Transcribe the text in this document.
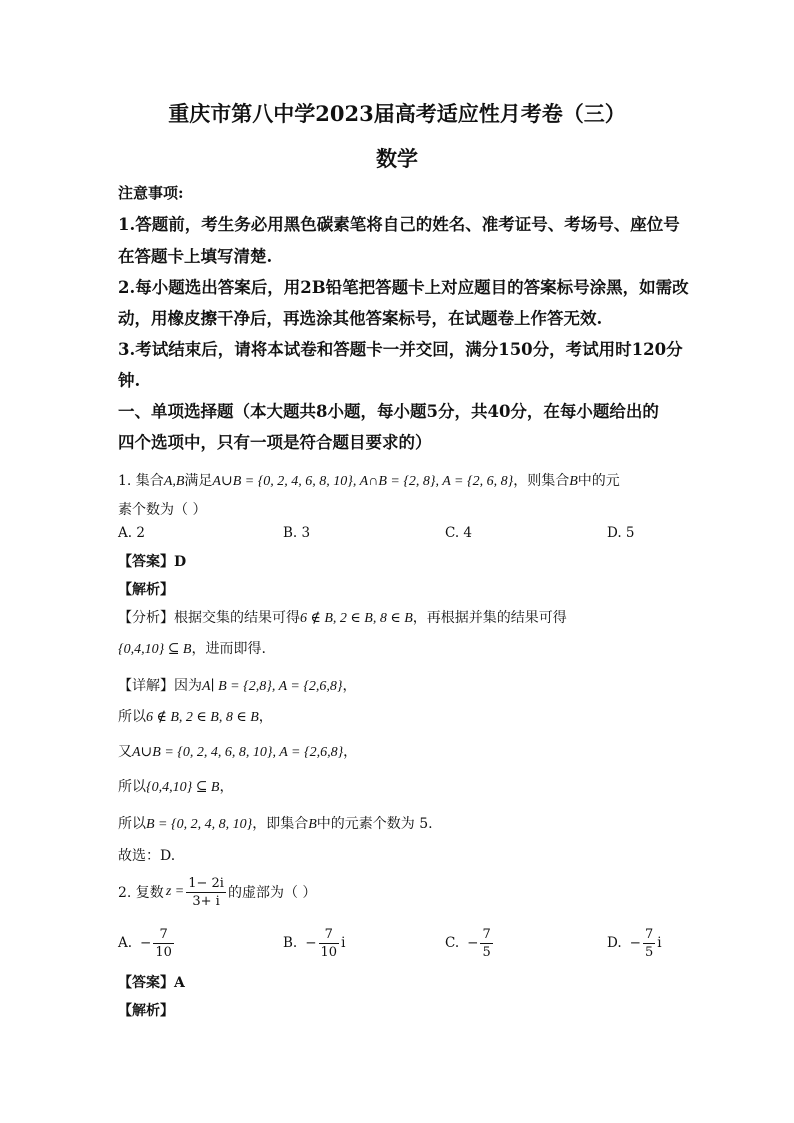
重庆市第八中学2023届高考适应性月考卷（三）
数学
注意事项:
1.答题前，考生务必用黑色碳素笔将自己的姓名、准考证号、考场号、座位号
在答题卡上填写清楚.
2.每小题选出答案后，用2B铅笔把答题卡上对应题目的答案标号涂黑，如需改
动，用橡皮擦干净后，再选涂其他答案标号，在试题卷上作答无效.
3.考试结束后，请将本试卷和答题卡一并交回，满分150分，考试用时120分
钟.
一、单项选择题（本大题共8小题，每小题5分，共40分，在每小题给出的
四个选项中，只有一项是符合题目要求的）
1. 集合A,B满足A∪B = {0, 2, 4, 6, 8, 10}, A∩B = {2, 8}, A = {2, 6, 8}，则集合B中的元
素个数为（ ）
A. 2	B. 3	C. 4	D. 5
【答案】D
【解析】
【分析】根据交集的结果可得6 ∉ B, 2 ∈ B, 8 ∈ B，再根据并集的结果可得
{0,4,10} ⊆ B，进而即得.
【详解】因为A∣ B = {2,8}, A = {2,6,8}，
所以6 ∉ B, 2 ∈ B, 8 ∈ B，
又A∪B = {0, 2, 4, 6, 8, 10}, A = {2,6,8}，
所以{0,4,10} ⊆ B，
所以B = {0, 2, 4, 8, 10}，即集合B中的元素个数为 5.
故选：D.
2. 复数 $z = \frac{1- 2i}{3+ i}$ 的虚部为（ ）
A. − $\frac{7}{10}$	B. − $\frac{7}{10}$ i	C. − $\frac{7}{5}$	D. − $\frac{7}{5}$ i
【答案】A
【解析】
